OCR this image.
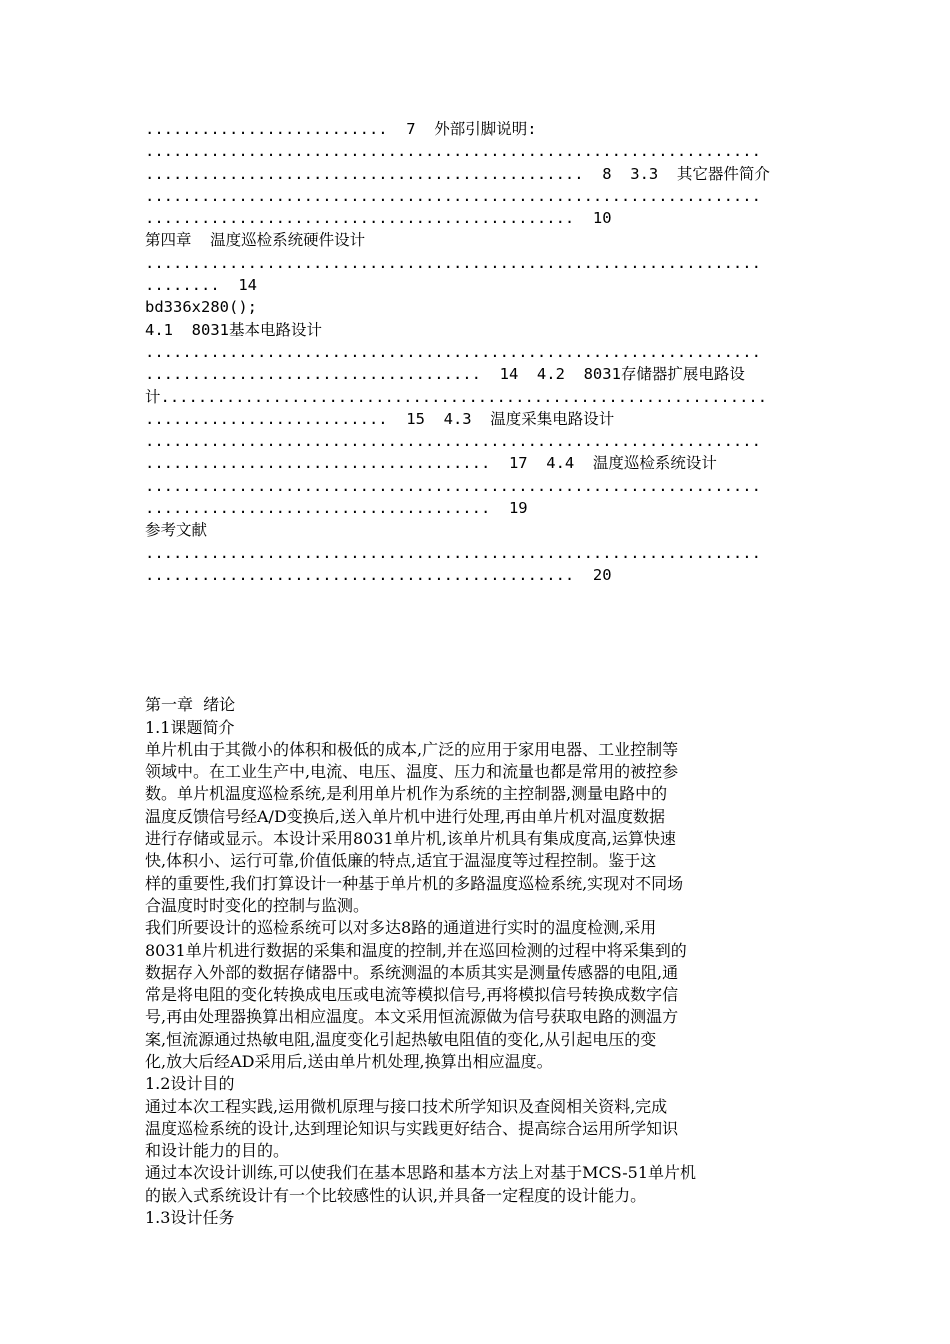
..........................  7  外部引脚说明:
..................................................................
...............................................  8  3.3  其它器件简介
..................................................................
..............................................  10
第四章  温度巡检系统硬件设计
..................................................................
........  14
bd336x280();
4.1  8031基本电路设计
..................................................................
....................................  14  4.2  8031存储器扩展电路设
计.................................................................
..........................  15  4.3  温度采集电路设计
..................................................................
.....................................  17  4.4  温度巡检系统设计
..................................................................
.....................................  19
参考文献
..................................................................
..............................................  20
第一章  绪论
1.1课题简介
单片机由于其微小的体积和极低的成本,广泛的应用于家用电器、工业控制等
领域中。在工业生产中,电流、电压、温度、压力和流量也都是常用的被控参
数。单片机温度巡检系统,是利用单片机作为系统的主控制器,测量电路中的
温度反馈信号经A/D变换后,送入单片机中进行处理,再由单片机对温度数据
进行存储或显示。本设计采用8031单片机,该单片机具有集成度高,运算快速
快,体积小、运行可靠,价值低廉的特点,适宜于温湿度等过程控制。鉴于这
样的重要性,我们打算设计一种基于单片机的多路温度巡检系统,实现对不同场
合温度时时变化的控制与监测。
我们所要设计的巡检系统可以对多达8路的通道进行实时的温度检测,采用
8031单片机进行数据的采集和温度的控制,并在巡回检测的过程中将采集到的
数据存入外部的数据存储器中。系统测温的本质其实是测量传感器的电阻,通
常是将电阻的变化转换成电压或电流等模拟信号,再将模拟信号转换成数字信
号,再由处理器换算出相应温度。本文采用恒流源做为信号获取电路的测温方
案,恒流源通过热敏电阻,温度变化引起热敏电阻值的变化,从引起电压的变
化,放大后经AD采用后,送由单片机处理,换算出相应温度。
1.2设计目的
通过本次工程实践,运用微机原理与接口技术所学知识及查阅相关资料,完成
温度巡检系统的设计,达到理论知识与实践更好结合、提高综合运用所学知识
和设计能力的目的。
通过本次设计训练,可以使我们在基本思路和基本方法上对基于MCS-51单片机
的嵌入式系统设计有一个比较感性的认识,并具备一定程度的设计能力。
1.3设计任务
